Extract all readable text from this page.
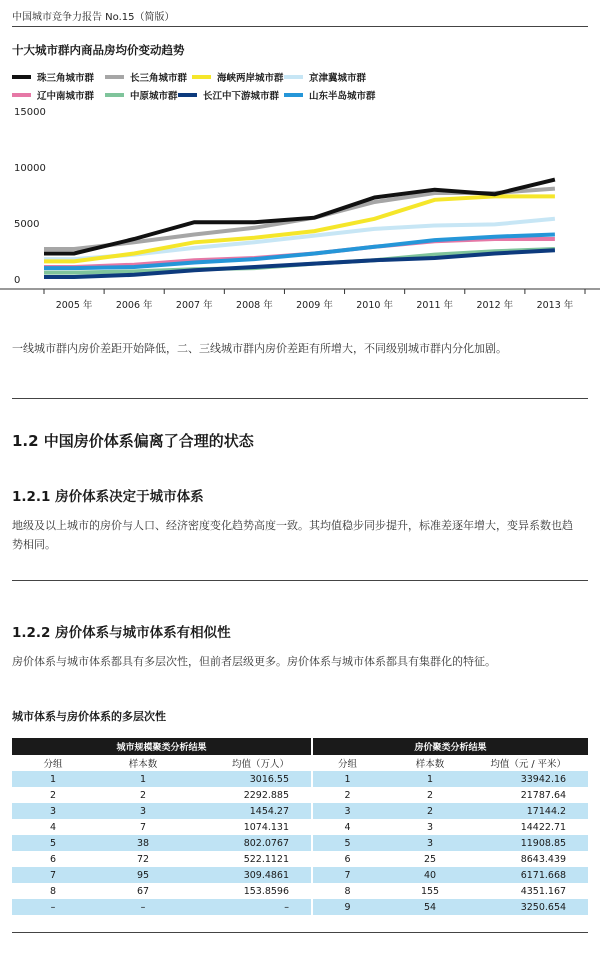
中国城市竞争力报告 No.15（简版）
十大城市群内商品房均价变动趋势
珠三角城市群	长三角城市群	海峡两岸城市群	京津冀城市群
辽中南城市群	中原城市群	长江中下游城市群	山东半岛城市群
15000
10000
5000
0
2005 年 2006 年 2007 年 2008 年 2009 年 2010 年 2011 年 2012 年 2013 年
一线城市群内房价差距开始降低，二、三线城市群内房价差距有所增大，不同级别城市群内分化加剧。
1.2 中国房价体系偏离了合理的状态
1.2.1 房价体系决定于城市体系
地级及以上城市的房价与人口、经济密度变化趋势高度一致。其均值稳步同步提升，标准差逐年增大，变异系数也趋
势相同。
1.2.2 房价体系与城市体系有相似性
房价体系与城市体系都具有多层次性，但前者层级更多。房价体系与城市体系都具有集群化的特征。
城市体系与房价体系的多层次性
城市规模聚类分析结果			房价聚类分析结果		
分组	样本数	均值（万人）	分组	样本数	均值（元 / 平米）
1	1	3016.55	1	1	33942.16
2	2	2292.885	2	2	21787.64
3	3	1454.27	3	2	17144.2
4	7	1074.131	4	3	14422.71
5	38	802.0767	5	3	11908.85
6	72	522.1121	6	25	8643.439
7	95	309.4861	7	40	6171.668
8	67	153.8596	8	155	4351.167
–	–	–	9	54	3250.654
